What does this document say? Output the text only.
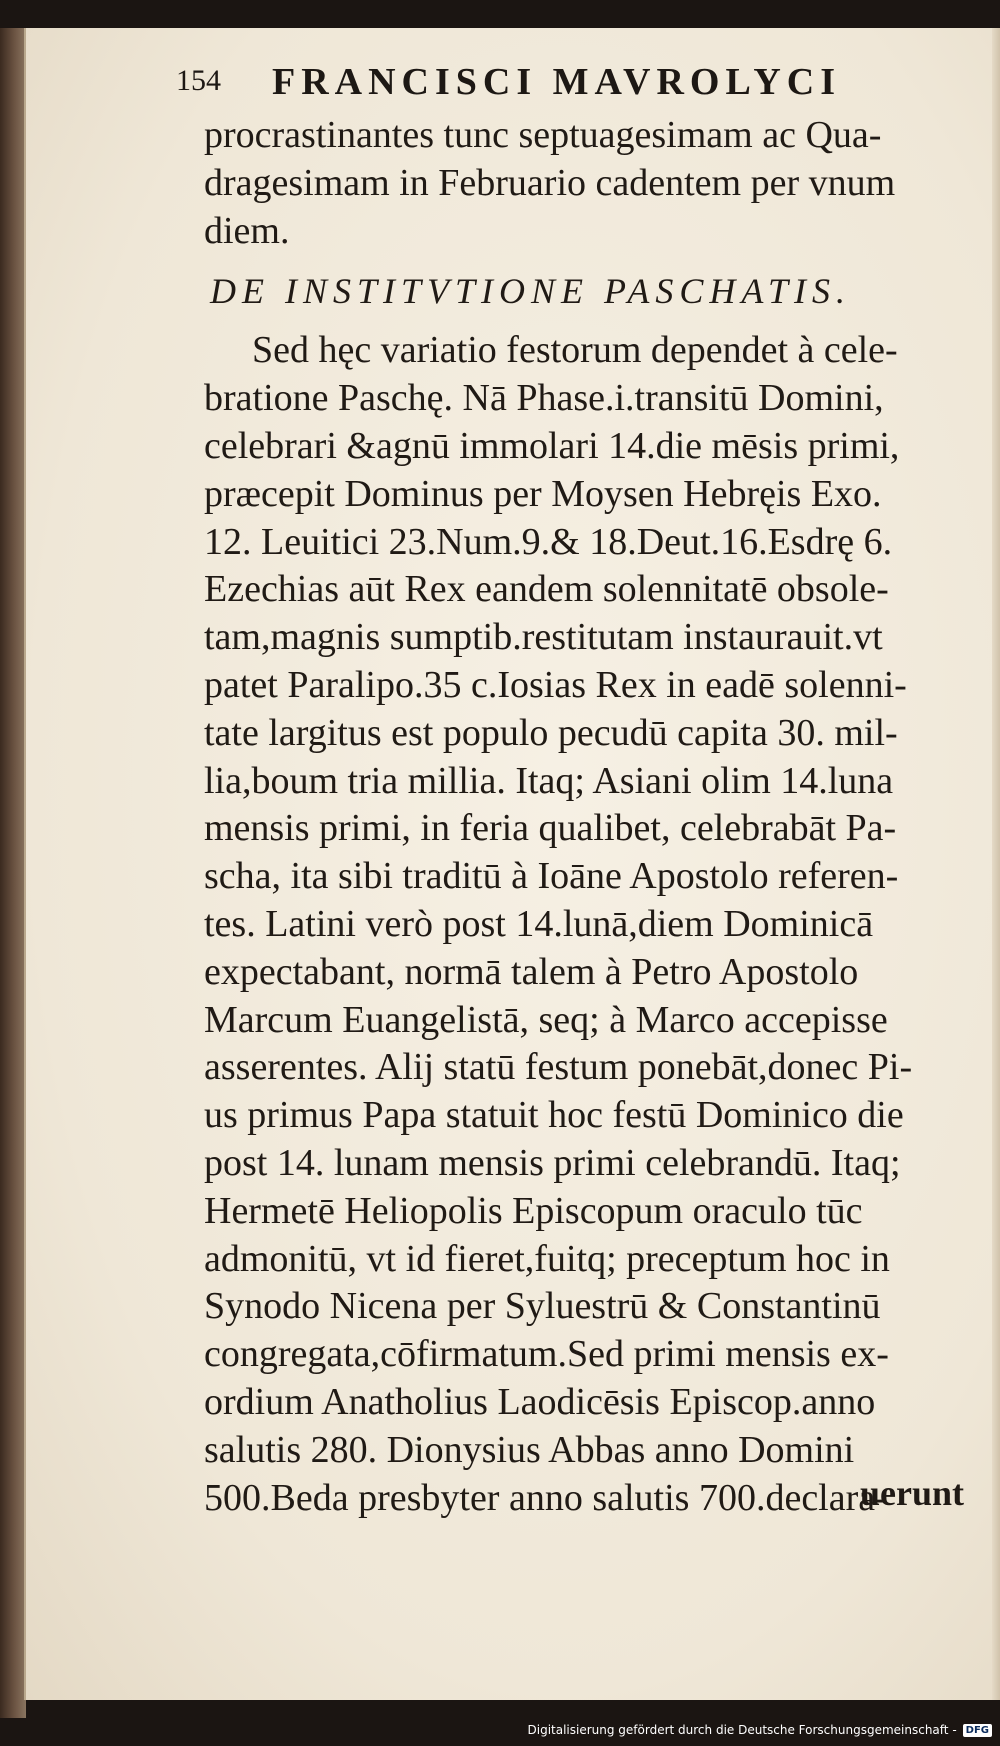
154 FRANCISCI MAVROLYCI
procrastinantes tunc septuagesimam ac Qua-
dragesimam in Februario cadentem per vnum
diem.
DE INSTITVTIONE PASCHATIS.
Sed hęc variatio festorum dependet à cele-
bratione Paschę. Nā Phase.i.transitū Domini,
celebrari &agnū immolari 14.die mēsis primi,
præcepit Dominus per Moysen Hebręis Exo.
12. Leuitici 23.Num.9.& 18.Deut.16.Esdrę 6.
Ezechias aūt Rex eandem solennitatē obsole-
tam,magnis sumptib.restitutam instaurauit.vt
patet Paralipo.35 c.Iosias Rex in eadē solenni-
tate largitus est populo pecudū capita 30. mil-
lia,boum tria millia. Itaq; Asiani olim 14.luna
mensis primi, in feria qualibet, celebrabāt Pa-
scha, ita sibi traditū à Ioāne Apostolo referen-
tes. Latini verò post 14.lunā,diem Dominicā
expectabant, normā talem à Petro Apostolo
Marcum Euangelistā, seq; à Marco accepisse
asserentes. Alij statū festum ponebāt,donec Pi-
us primus Papa statuit hoc festū Dominico die
post 14. lunam mensis primi celebrandū. Itaq;
Hermetē Heliopolis Episcopum oraculo tūc
admonitū, vt id fieret,fuitq; preceptum hoc in
Synodo Nicena per Syluestrū & Constantinū
congregata,cōfirmatum.Sed primi mensis ex-
ordium Anatholius Laodicēsis Episcop.anno
salutis 280. Dionysius Abbas anno Domini
500.Beda presbyter anno salutis 700.declara-
uerunt
Digitalisierung gefördert durch die Deutsche Forschungsgemeinschaft - DFG
